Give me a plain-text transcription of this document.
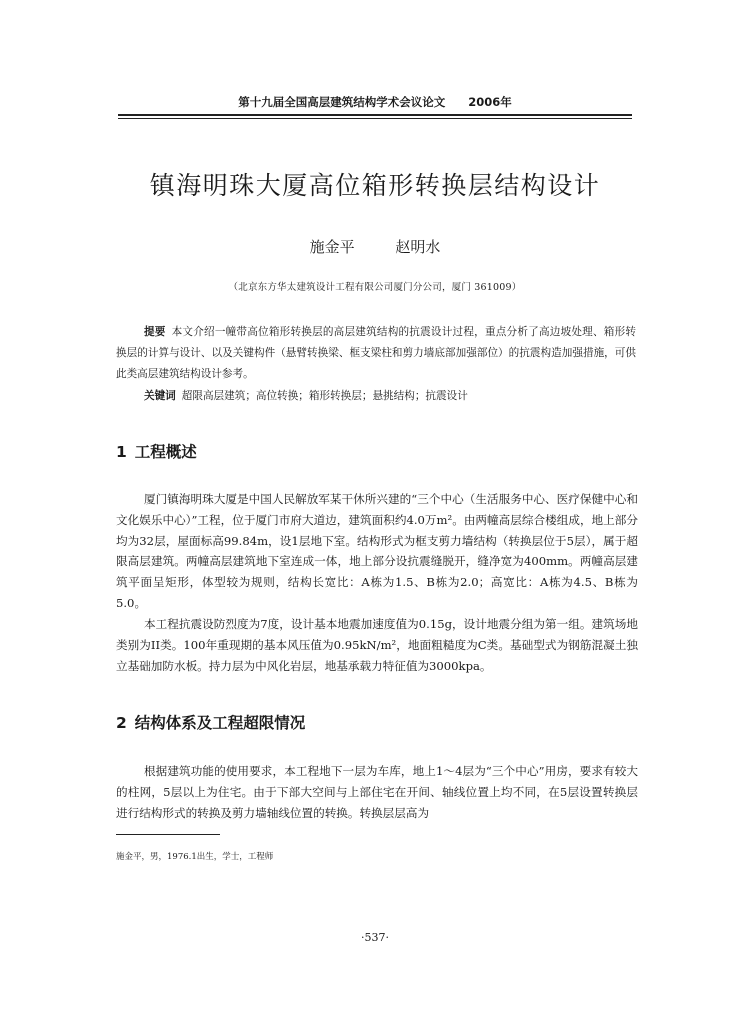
第十九届全国高层建筑结构学术会议论文　　2006年
镇海明珠大厦高位箱形转换层结构设计
施金平	赵明水
（北京东方华太建筑设计工程有限公司厦门分公司，厦门 361009）

提要 本文介绍一幢带高位箱形转换层的高层建筑结构的抗震设计过程，重点分析了高边坡处理、箱形转换层的计算与设计、以及关键构件（悬臂转换梁、框支梁柱和剪力墙底部加强部位）的抗震构造加强措施，可供此类高层建筑结构设计参考。

关键词 超限高层建筑；高位转换；箱形转换层；悬挑结构；抗震设计

1 工程概述

厦门镇海明珠大厦是中国人民解放军某干休所兴建的“三个中心（生活服务中心、医疗保健中心和文化娱乐中心）”工程，位于厦门市府大道边，建筑面积约4.0万m²。由两幢高层综合楼组成，地上部分均为32层，屋面标高99.84m，设1层地下室。结构形式为框支剪力墙结构（转换层位于5层），属于超限高层建筑。两幢高层建筑地下室连成一体，地上部分设抗震缝脱开，缝净宽为400mm。两幢高层建筑平面呈矩形，体型较为规则，结构长宽比：A栋为1.5、B栋为2.0；高宽比：A栋为4.5、B栋为5.0。

本工程抗震设防烈度为7度，设计基本地震加速度值为0.15g，设计地震分组为第一组。建筑场地类别为II类。100年重现期的基本风压值为0.95kN/m²，地面粗糙度为C类。基础型式为钢筋混凝土独立基础加防水板。持力层为中风化岩层，地基承载力特征值为3000kpa。

2 结构体系及工程超限情况

根据建筑功能的使用要求，本工程地下一层为车库，地上1～4层为“三个中心”用房，要求有较大的柱网，5层以上为住宅。由于下部大空间与上部住宅在开间、轴线位置上均不同，在5层设置转换层进行结构形式的转换及剪力墙轴线位置的转换。转换层层高为

施金平，男，1976.1出生，学士，工程师
·537·
